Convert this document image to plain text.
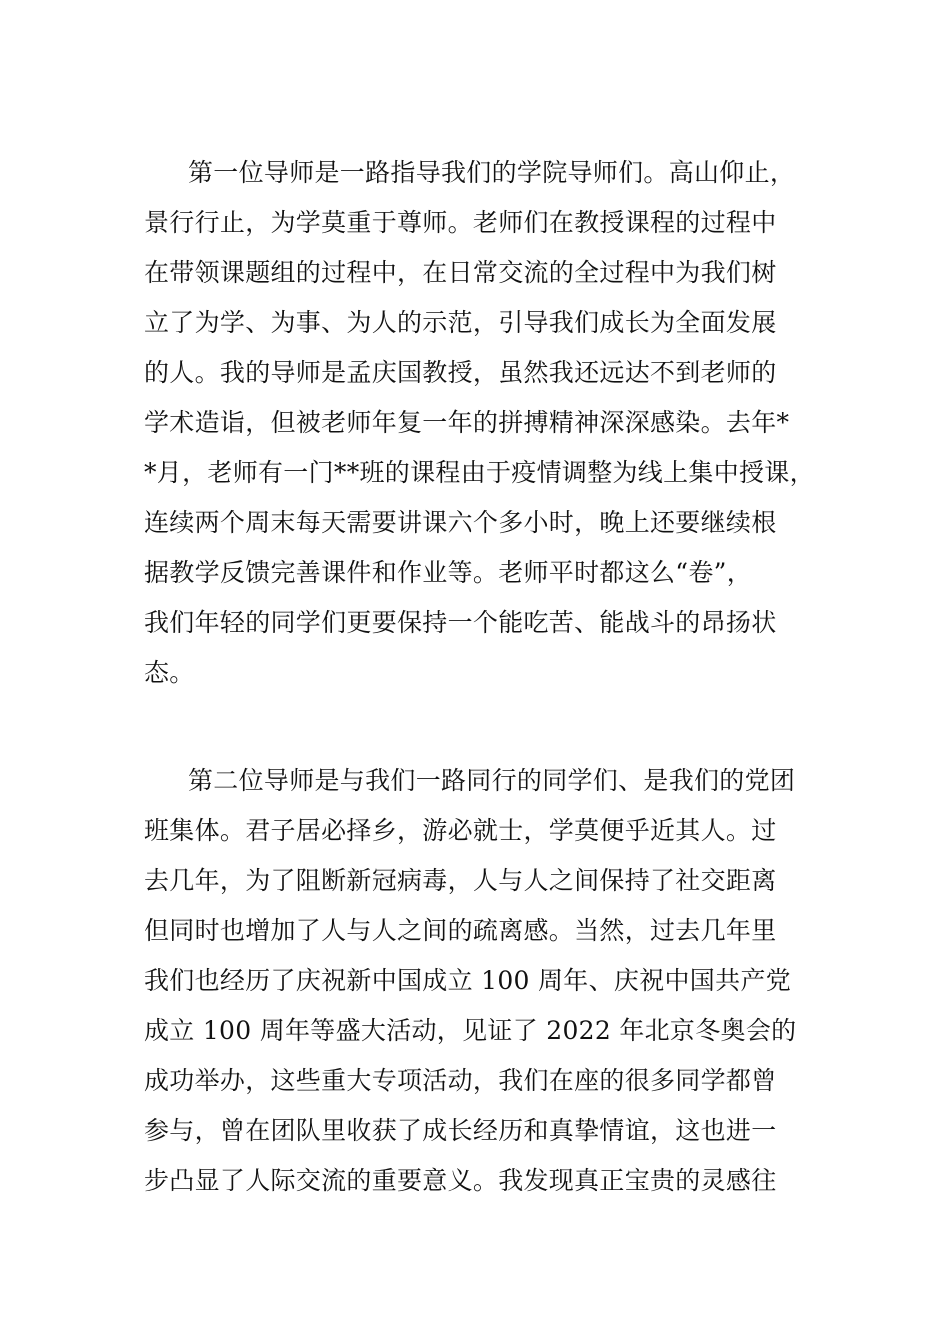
第一位导师是一路指导我们的学院导师们。高山仰止，
景行行止，为学莫重于尊师。老师们在教授课程的过程中
在带领课题组的过程中，在日常交流的全过程中为我们树
立了为学、为事、为人的示范，引导我们成长为全面发展
的人。我的导师是孟庆国教授，虽然我还远达不到老师的
学术造诣，但被老师年复一年的拼搏精神深深感染。去年*
*月，老师有一门**班的课程由于疫情调整为线上集中授课，
连续两个周末每天需要讲课六个多小时，晚上还要继续根
据教学反馈完善课件和作业等。老师平时都这么“卷”，
我们年轻的同学们更要保持一个能吃苦、能战斗的昂扬状
态。
第二位导师是与我们一路同行的同学们、是我们的党团
班集体。君子居必择乡，游必就士，学莫便乎近其人。过
去几年，为了阻断新冠病毒，人与人之间保持了社交距离
但同时也增加了人与人之间的疏离感。当然，过去几年里
我们也经历了庆祝新中国成立 100 周年、庆祝中国共产党
成立 100 周年等盛大活动，见证了 2022 年北京冬奥会的
成功举办，这些重大专项活动，我们在座的很多同学都曾
参与，曾在团队里收获了成长经历和真挚情谊，这也进一
步凸显了人际交流的重要意义。我发现真正宝贵的灵感往
